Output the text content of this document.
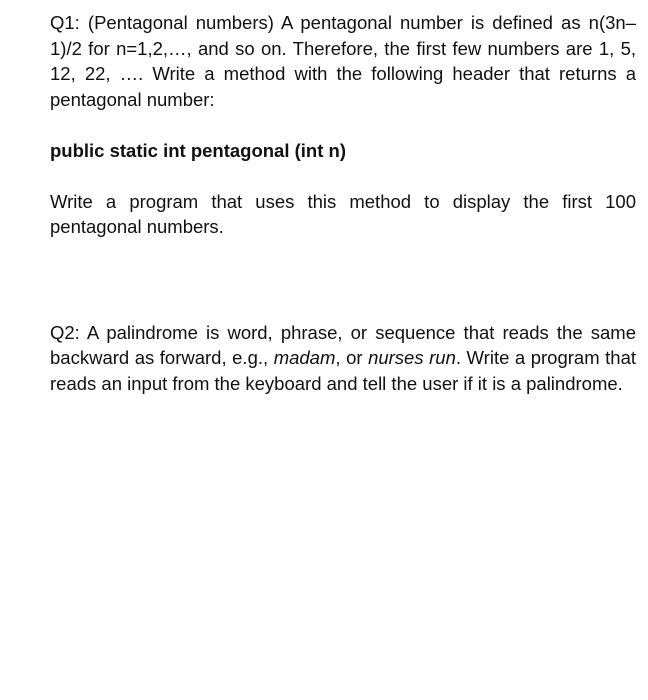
Q1: (Pentagonal numbers) A pentagonal number is defined as n(3n–1)/2 for n=1,2,…, and so on. Therefore, the first few numbers are 1, 5, 12, 22, …. Write a method with the following header that returns a pentagonal number:

public static int pentagonal (int n)

Write a program that uses this method to display the first 100 pentagonal numbers.

Q2: A palindrome is word, phrase, or sequence that reads the same backward as forward, e.g., madam, or nurses run. Write a program that reads an input from the keyboard and tell the user if it is a palindrome.
